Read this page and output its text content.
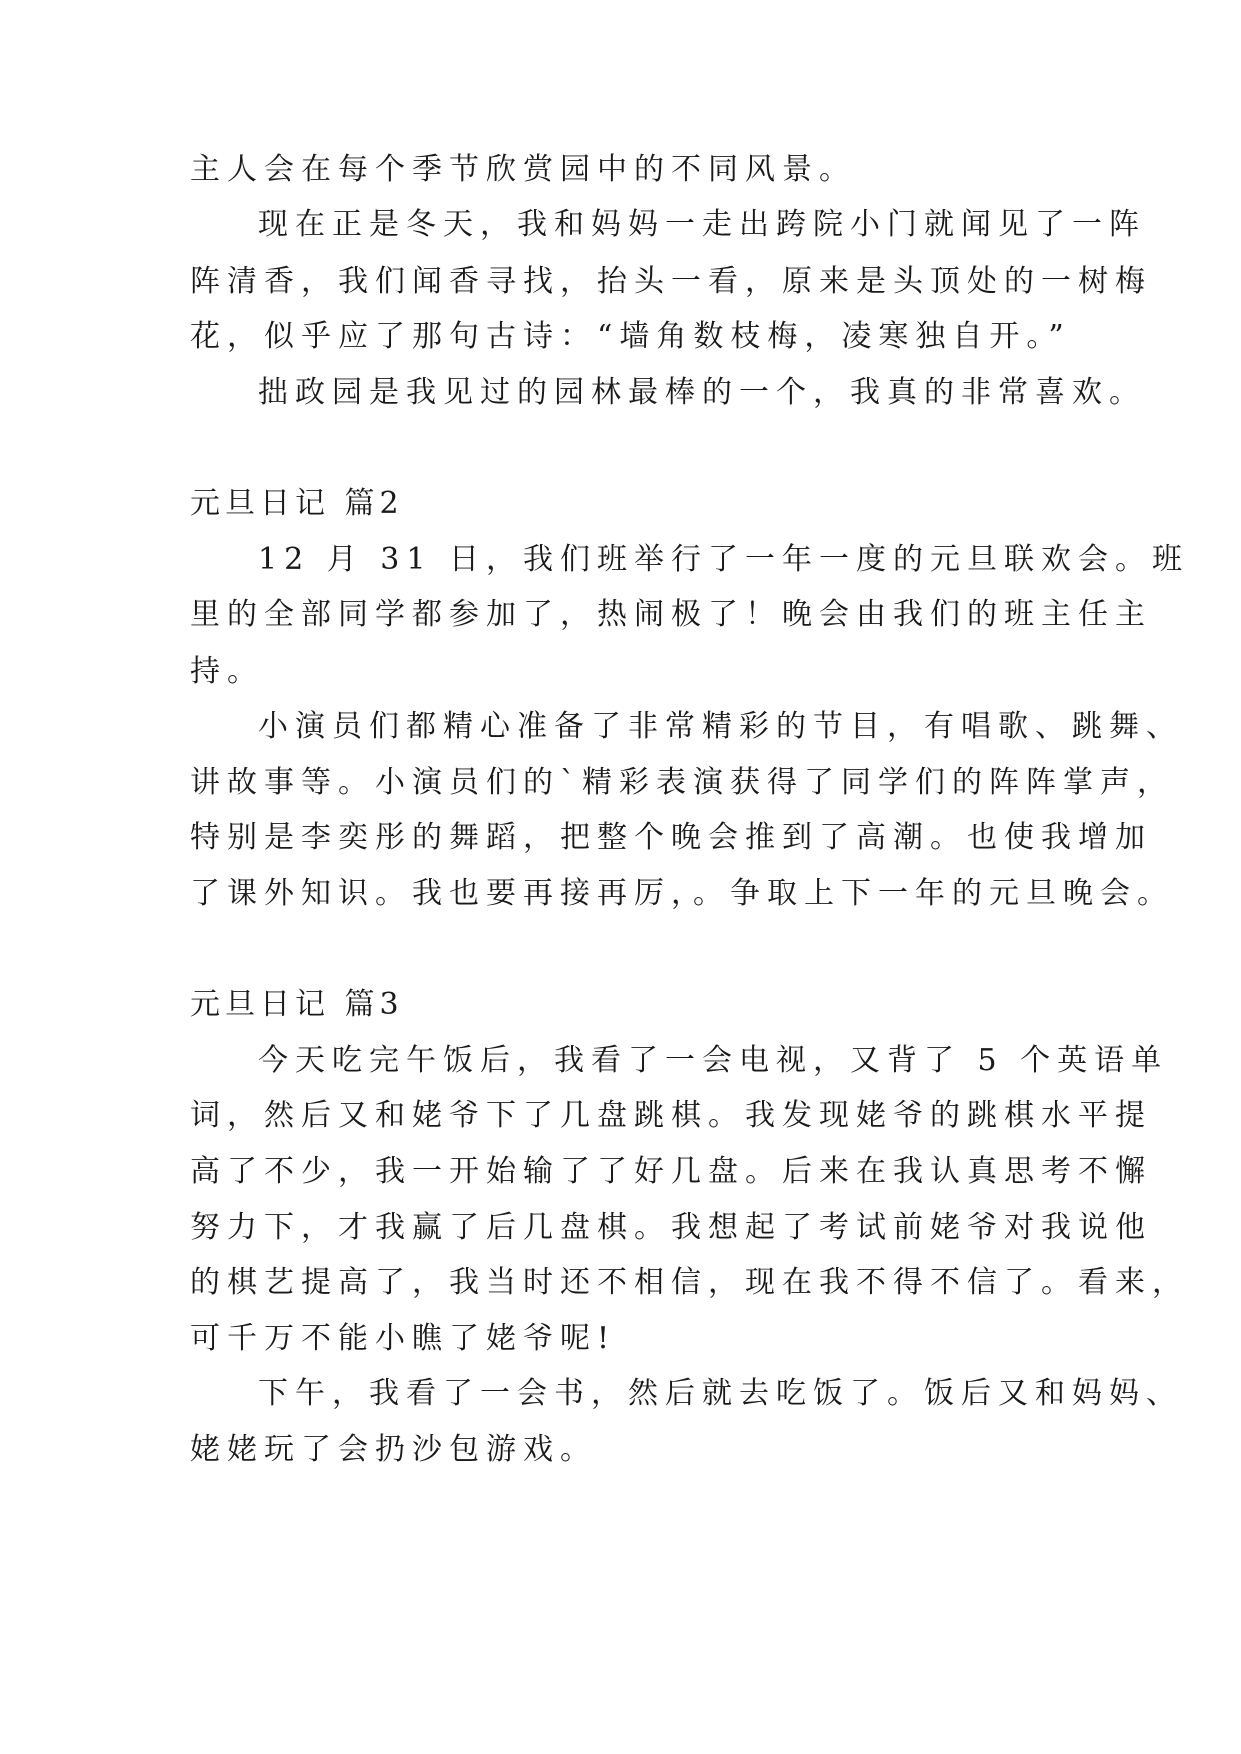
主人会在每个季节欣赏园中的不同风景。
现在正是冬天，我和妈妈一走出跨院小门就闻见了一阵
阵清香，我们闻香寻找，抬头一看，原来是头顶处的一树梅
花，似乎应了那句古诗：“墙角数枝梅，凌寒独自开。”
拙政园是我见过的园林最棒的一个，我真的非常喜欢。
元旦日记 篇2
12 月 31 日，我们班举行了一年一度的元旦联欢会。班
里的全部同学都参加了，热闹极了！晚会由我们的班主任主
持。
小演员们都精心准备了非常精彩的节目，有唱歌、跳舞、
讲故事等。小演员们的`精彩表演获得了同学们的阵阵掌声，
特别是李奕彤的舞蹈，把整个晚会推到了高潮。也使我增加
了课外知识。我也要再接再厉，。争取上下一年的元旦晚会。
元旦日记 篇3
今天吃完午饭后，我看了一会电视，又背了 5 个英语单
词，然后又和姥爷下了几盘跳棋。我发现姥爷的跳棋水平提
高了不少，我一开始输了了好几盘。后来在我认真思考不懈
努力下，才我赢了后几盘棋。我想起了考试前姥爷对我说他
的棋艺提高了，我当时还不相信，现在我不得不信了。看来，
可千万不能小瞧了姥爷呢!
下午，我看了一会书，然后就去吃饭了。饭后又和妈妈、
姥姥玩了会扔沙包游戏。
